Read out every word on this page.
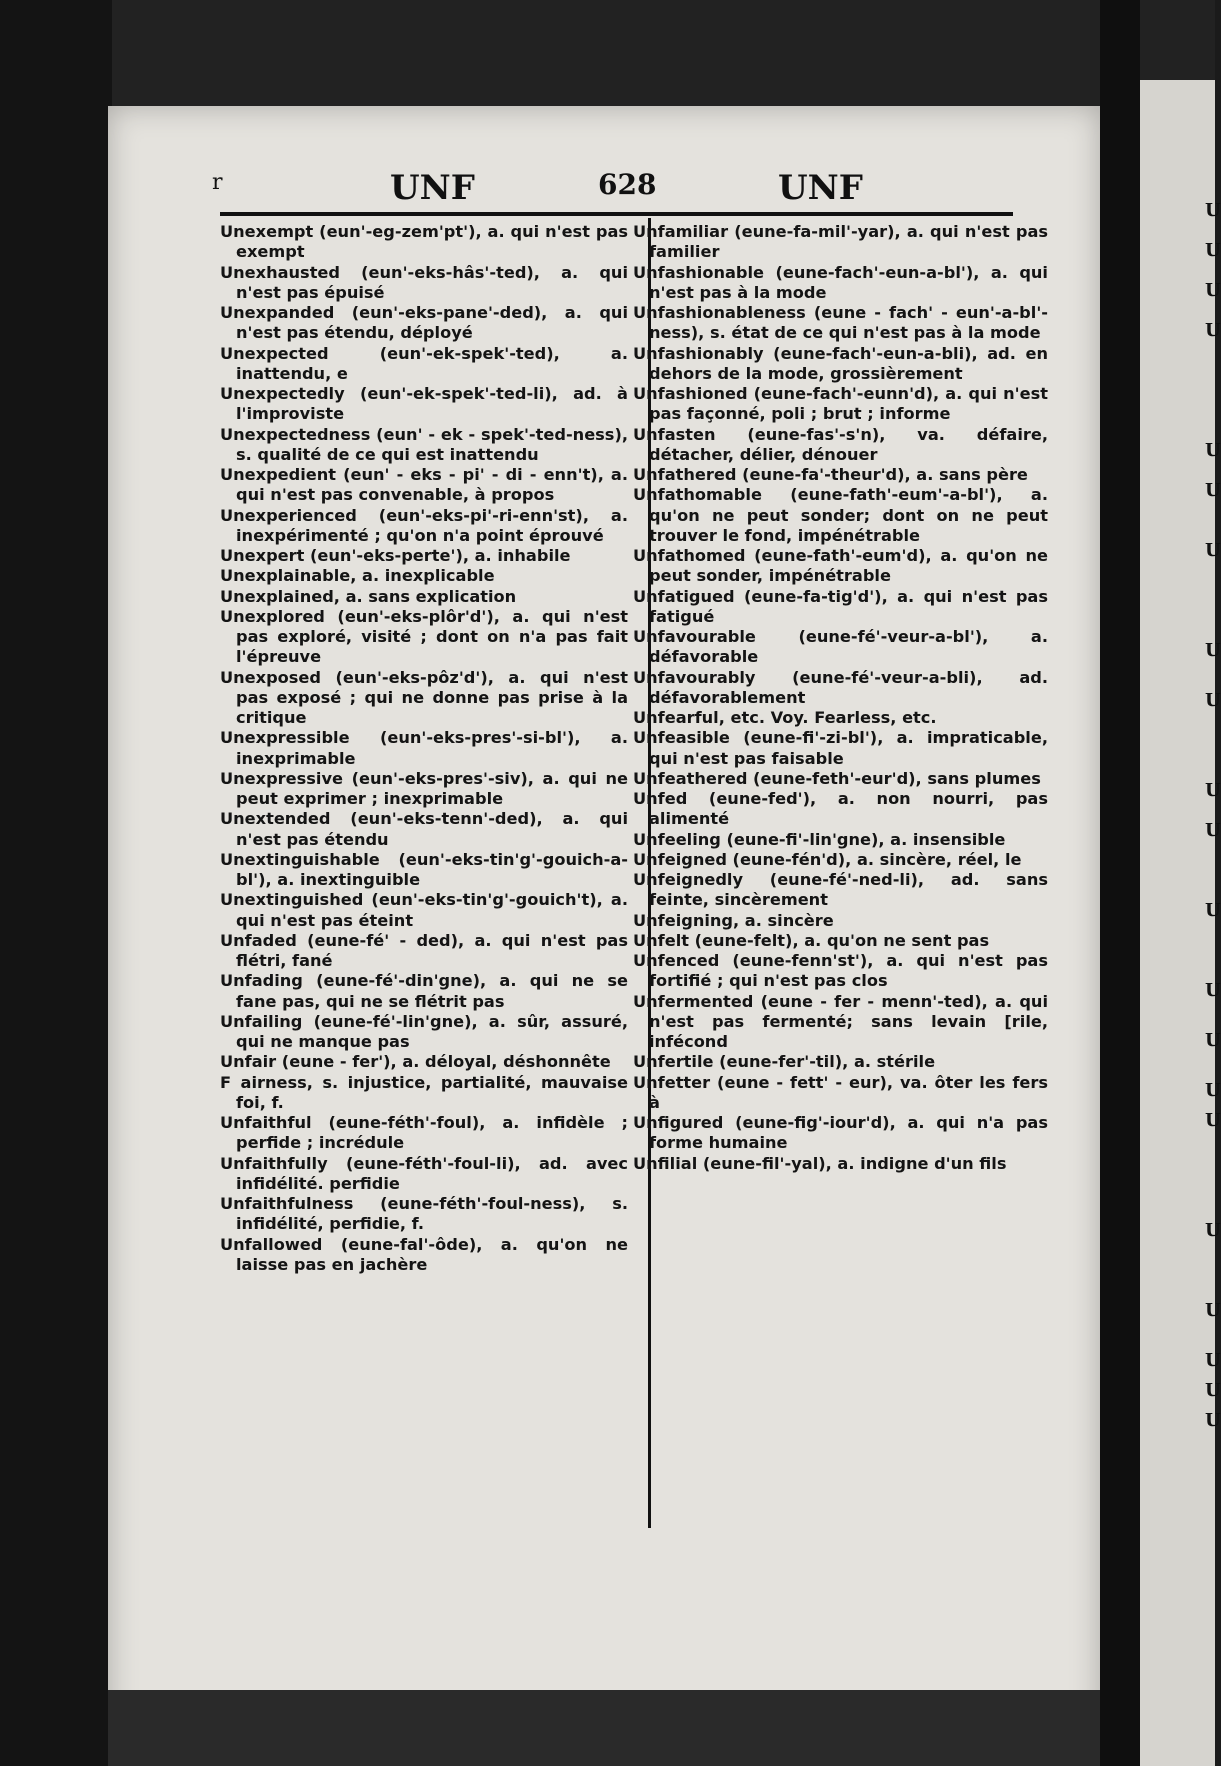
U
U
U
U
U
U
U
U
U
U
U
U
U
U
U
U
U
U
U
U
U
r	UNF	628	UNF

Unexempt (eun'-eg-zem'pt'), a. qui n'est pas exempt

Unexhausted (eun'-eks-hâs'-ted), a. qui n'est pas épuisé

Unexpanded (eun'-eks-pane'-ded), a. qui n'est pas étendu, déployé

Unexpected (eun'-ek-spek'-ted), a. inattendu, e

Unexpectedly (eun'-ek-spek'-ted-li), ad. à l'improviste

Unexpectedness (eun' - ek - spek'-ted-ness), s. qualité de ce qui est inattendu

Unexpedient (eun' - eks - pi' - di - enn't), a. qui n'est pas convenable, à propos

Unexperienced (eun'-eks-pi'-ri-enn'st), a. inexpérimenté ; qu'on n'a point éprouvé

Unexpert (eun'-eks-perte'), a. inhabile

Unexplainable, a. inexplicable

Unexplained, a. sans explication

Unexplored (eun'-eks-plôr'd'), a. qui n'est pas exploré, visité ; dont on n'a pas fait l'épreuve

Unexposed (eun'-eks-pôz'd'), a. qui n'est pas exposé ; qui ne donne pas prise à la critique

Unexpressible (eun'-eks-pres'-si-bl'), a. inexprimable

Unexpressive (eun'-eks-pres'-siv), a. qui ne peut exprimer ; inexprimable

Unextended (eun'-eks-tenn'-ded), a. qui n'est pas étendu

Unextinguishable (eun'-eks-tin'g'-gouich-a-bl'), a. inextinguible

Unextinguished (eun'-eks-tin'g'-gouich't), a. qui n'est pas éteint

Unfaded (eune-fé' - ded), a. qui n'est pas flétri, fané

Unfading (eune-fé'-din'gne), a. qui ne se fane pas, qui ne se flétrit pas

Unfailing (eune-fé'-lin'gne), a. sûr, assuré, qui ne manque pas

Unfair (eune - fer'), a. déloyal, déshonnête

F airness, s. injustice, partialité, mauvaise foi, f.

Unfaithful (eune-féth'-foul), a. infidèle ; perfide ; incrédule

Unfaithfully (eune-féth'-foul-li), ad. avec infidélité. perfidie

Unfaithfulness (eune-féth'-foul-ness), s. infidélité, perfidie, f.

Unfallowed (eune-fal'-ôde), a. qu'on ne laisse pas en jachère

Unfamiliar (eune-fa-mil'-yar), a. qui n'est pas familier

Unfashionable (eune-fach'-eun-a-bl'), a. qui n'est pas à la mode

Unfashionableness (eune - fach' - eun'-a-bl'-ness), s. état de ce qui n'est pas à la mode

Unfashionably (eune-fach'-eun-a-bli), ad. en dehors de la mode, grossièrement

Unfashioned (eune-fach'-eunn'd), a. qui n'est pas façonné, poli ; brut ; informe

Unfasten (eune-fas'-s'n), va. défaire, détacher, délier, dénouer

Unfathered (eune-fa'-theur'd), a. sans père

Unfathomable (eune-fath'-eum'-a-bl'), a. qu'on ne peut sonder; dont on ne peut trouver le fond, impénétrable

Unfathomed (eune-fath'-eum'd), a. qu'on ne peut sonder, impénétrable

Unfatigued (eune-fa-tig'd'), a. qui n'est pas fatigué

Unfavourable (eune-fé'-veur-a-bl'), a. défavorable

Unfavourably (eune-fé'-veur-a-bli), ad. défavorablement

Unfearful, etc. Voy. Fearless, etc.

Unfeasible (eune-fi'-zi-bl'), a. impraticable, qui n'est pas faisable

Unfeathered (eune-feth'-eur'd), sans plumes

Unfed (eune-fed'), a. non nourri, pas alimenté

Unfeeling (eune-fi'-lin'gne), a. insensible

Unfeigned (eune-fén'd), a. sincère, réel, le

Unfeignedly (eune-fé'-ned-li), ad. sans feinte, sincèrement

Unfeigning, a. sincère

Unfelt (eune-felt), a. qu'on ne sent pas

Unfenced (eune-fenn'st'), a. qui n'est pas fortifié ; qui n'est pas clos

Unfermented (eune - fer - menn'-ted), a. qui n'est pas fermenté; sans levain [rile, infécond

Unfertile (eune-fer'-til), a. stérile

Unfetter (eune - fett' - eur), va. ôter les fers à

Unfigured (eune-fig'-iour'd), a. qui n'a pas forme humaine

Unfilial (eune-fil'-yal), a. indigne d'un fils
